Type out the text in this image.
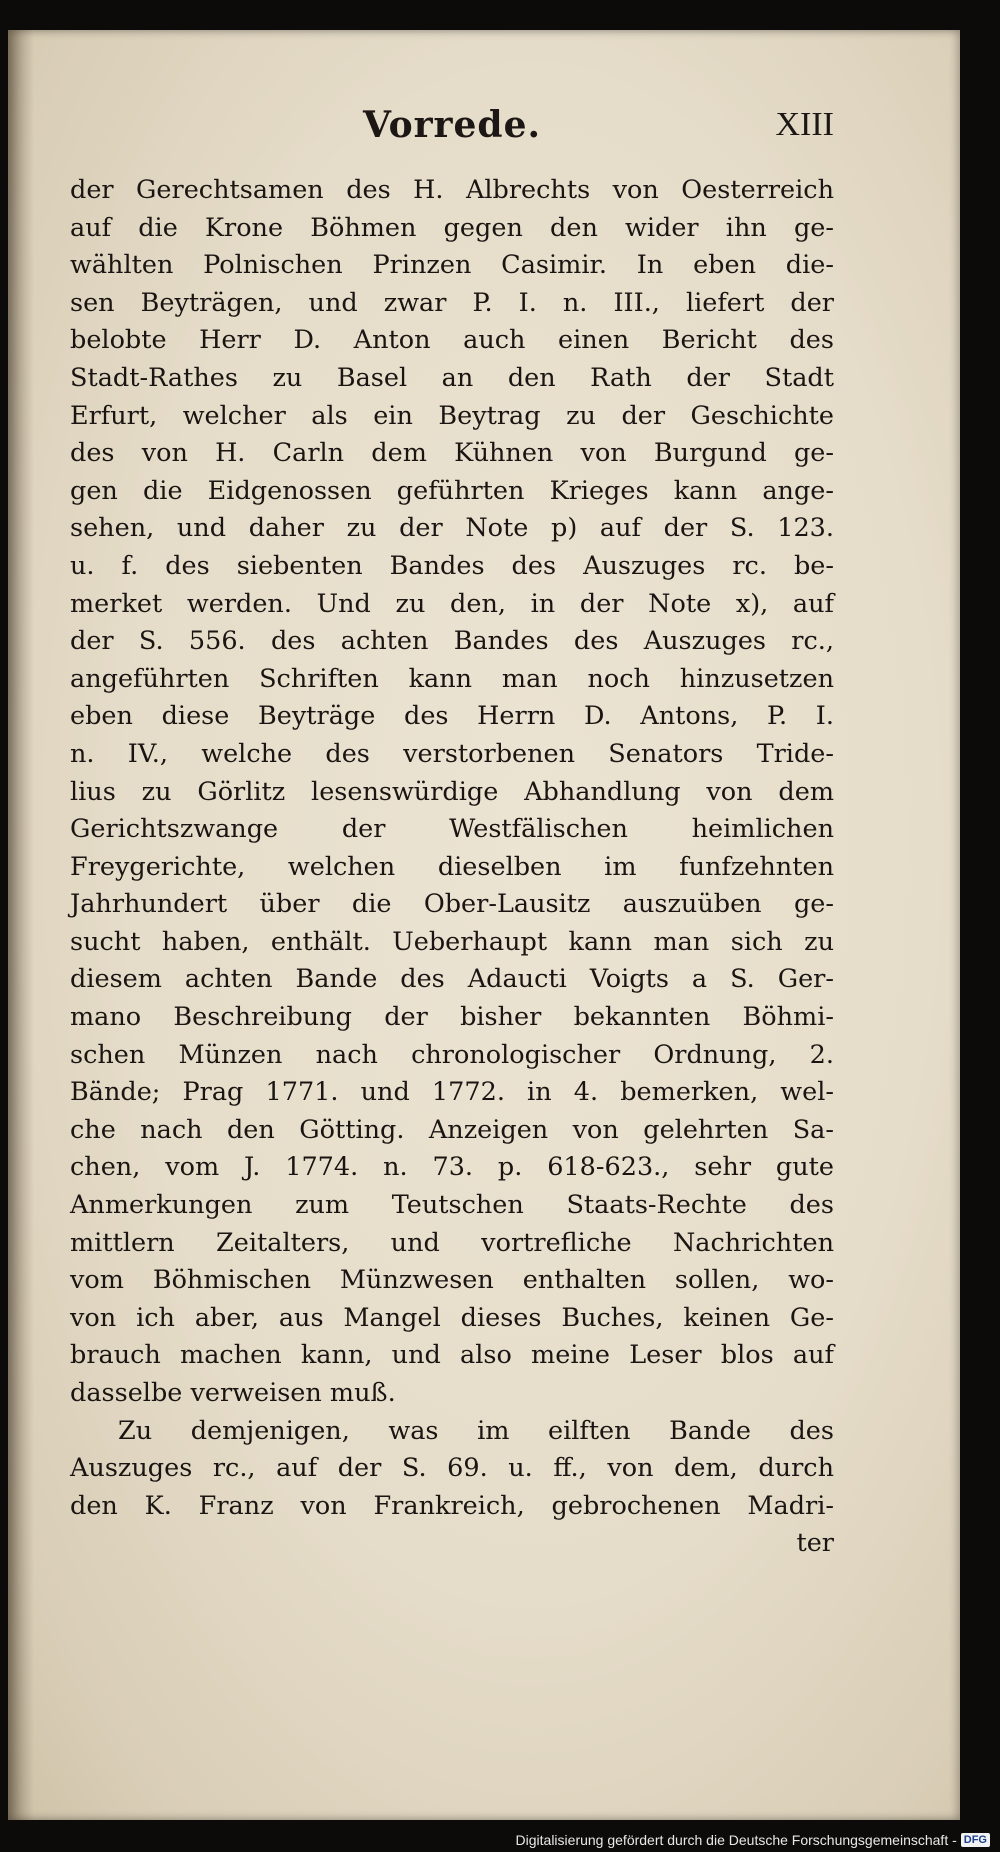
Vorrede.	XIII
der Gerechtsamen des H. Albrechts von Oesterreich
auf die Krone Böhmen gegen den wider ihn ge-
wählten Polnischen Prinzen Casimir. In eben die-
sen Beyträgen, und zwar P. I. n. III., liefert der
belobte Herr D. Anton auch einen Bericht des
Stadt-Rathes zu Basel an den Rath der Stadt
Erfurt, welcher als ein Beytrag zu der Geschichte
des von H. Carln dem Kühnen von Burgund ge-
gen die Eidgenossen geführten Krieges kann ange-
sehen, und daher zu der Note p) auf der S. 123.
u. f. des siebenten Bandes des Auszuges rc. be-
merket werden. Und zu den, in der Note x), auf
der S. 556. des achten Bandes des Auszuges rc.,
angeführten Schriften kann man noch hinzusetzen
eben diese Beyträge des Herrn D. Antons, P. I.
n. IV., welche des verstorbenen Senators Tride-
lius zu Görlitz lesenswürdige Abhandlung von dem
Gerichtszwange der Westfälischen heimlichen
Freygerichte, welchen dieselben im funfzehnten
Jahrhundert über die Ober-Lausitz auszuüben ge-
sucht haben, enthält. Ueberhaupt kann man sich zu
diesem achten Bande des Adaucti Voigts a S. Ger-
mano Beschreibung der bisher bekannten Böhmi-
schen Münzen nach chronologischer Ordnung, 2.
Bände; Prag 1771. und 1772. in 4. bemerken, wel-
che nach den Götting. Anzeigen von gelehrten Sa-
chen, vom J. 1774. n. 73. p. 618-623., sehr gute
Anmerkungen zum Teutschen Staats-Rechte des
mittlern Zeitalters, und vortrefliche Nachrichten
vom Böhmischen Münzwesen enthalten sollen, wo-
von ich aber, aus Mangel dieses Buches, keinen Ge-
brauch machen kann, und also meine Leser blos auf
dasselbe verweisen muß.
Zu demjenigen, was im eilften Bande des
Auszuges rc., auf der S. 69. u. ff., von dem, durch
den K. Franz von Frankreich, gebrochenen Madri-
ter
Digitalisierung gefördert durch die Deutsche Forschungsgemeinschaft - DFG
